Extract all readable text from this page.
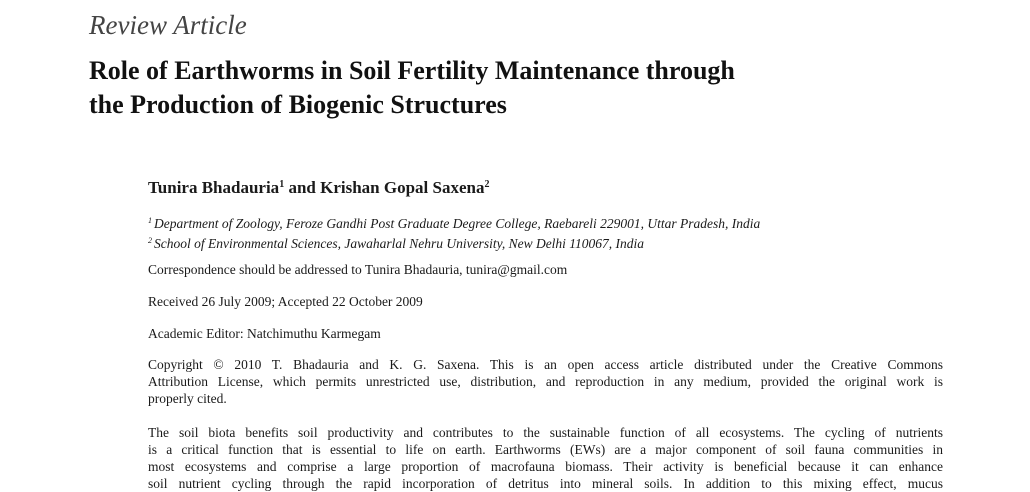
Review Article
Role of Earthworms in Soil Fertility Maintenance through
the Production of Biogenic Structures
Tunira Bhadauria$^1$ and Krishan Gopal Saxena$^2$
$^1$ Department of Zoology, Feroze Gandhi Post Graduate Degree College, Raebareli 229001, Uttar Pradesh, India
$^2$ School of Environmental Sciences, Jawaharlal Nehru University, New Delhi 110067, India
Correspondence should be addressed to Tunira Bhadauria, tunira@gmail.com
Received 26 July 2009; Accepted 22 October 2009
Academic Editor: Natchimuthu Karmegam
Copyright © 2010 T. Bhadauria and K. G. Saxena. This is an open access article distributed under the Creative Commons
Attribution License, which permits unrestricted use, distribution, and reproduction in any medium, provided the original work is
properly cited.
The soil biota benefits soil productivity and contributes to the sustainable function of all ecosystems. The cycling of nutrients
is a critical function that is essential to life on earth. Earthworms (EWs) are a major component of soil fauna communities in
most ecosystems and comprise a large proportion of macrofauna biomass. Their activity is beneficial because it can enhance
soil nutrient cycling through the rapid incorporation of detritus into mineral soils. In addition to this mixing effect, mucus
